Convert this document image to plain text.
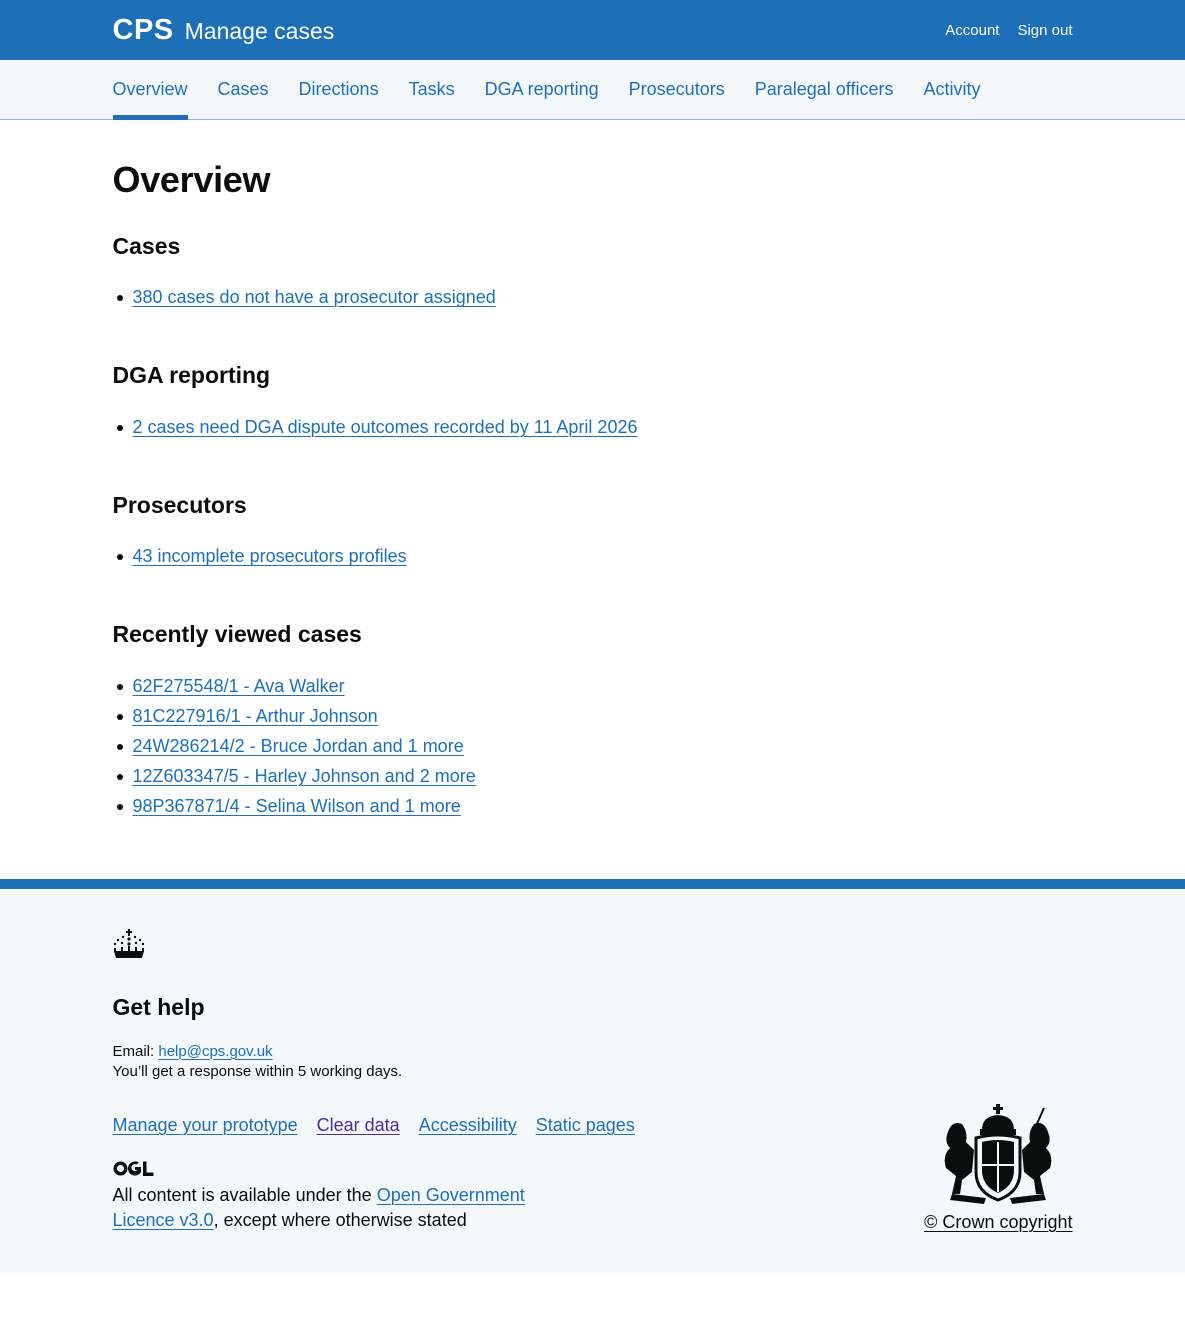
CPS Manage cases	Account Sign out
Overview Cases Directions Tasks DGA reporting Prosecutors Paralegal officers Activity
Overview
Cases
380 cases do not have a prosecutor assigned
DGA reporting
2 cases need DGA dispute outcomes recorded by 11 April 2026
Prosecutors
43 incomplete prosecutors profiles
Recently viewed cases
62F275548/1 - Ava Walker
81C227916/1 - Arthur Johnson
24W286214/2 - Bruce Jordan and 1 more
12Z603347/5 - Harley Johnson and 2 more
98P367871/4 - Selina Wilson and 1 more
Get help

Email: help@cps.gov.uk

You’ll get a response within 5 working days.

Manage your prototype Clear data Accessibility Static pages

All content is available under the Open Government Licence v3.0, except where otherwise stated	© Crown copyright
